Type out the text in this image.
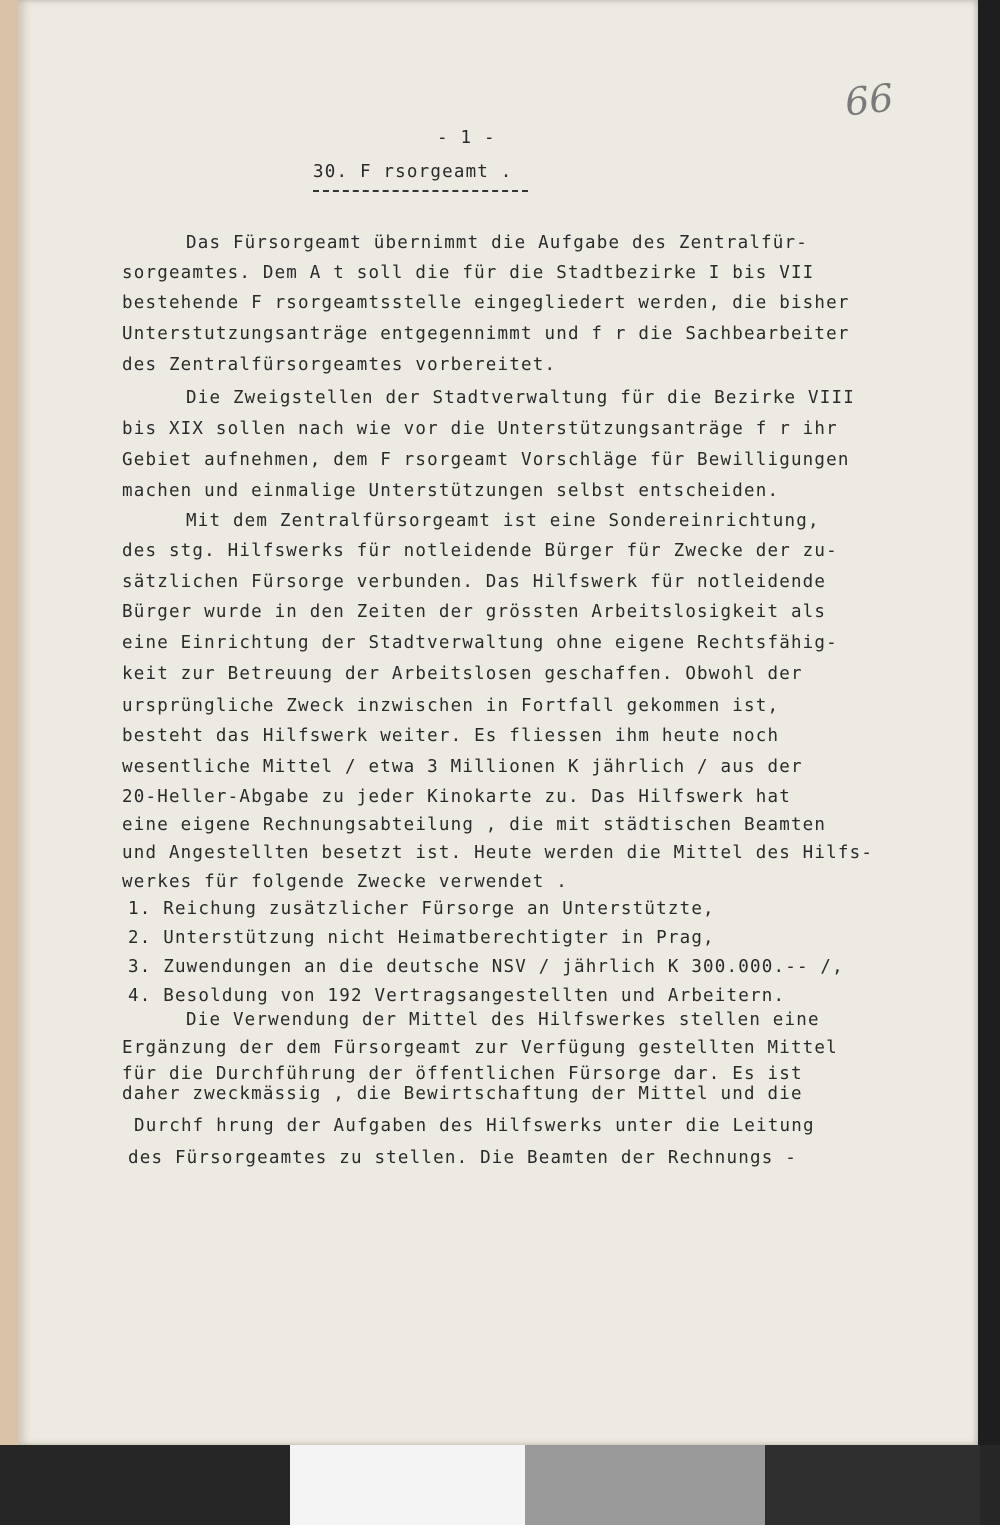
66
- 1 -
30. F rsorgeamt .
Das Fürsorgeamt übernimmt die Aufgabe des Zentralfür-
sorgeamtes. Dem A t soll die für die Stadtbezirke I bis VII
bestehende F rsorgeamtsstelle eingegliedert werden, die bisher
Unterstutzungsanträge entgegennimmt und f r die Sachbearbeiter
des Zentralfürsorgeamtes vorbereitet.
Die Zweigstellen der Stadtverwaltung für die Bezirke VIII
bis XIX sollen nach wie vor die Unterstützungsanträge f r ihr
Gebiet aufnehmen, dem F rsorgeamt Vorschläge für Bewilligungen
machen und einmalige Unterstützungen selbst entscheiden.
Mit dem Zentralfürsorgeamt ist eine Sondereinrichtung,
des stg. Hilfswerks für notleidende Bürger für Zwecke der zu-
sätzlichen Fürsorge verbunden. Das Hilfswerk für notleidende
Bürger wurde in den Zeiten der grössten Arbeitslosigkeit als
eine Einrichtung der Stadtverwaltung ohne eigene Rechtsfähig-
keit zur Betreuung der Arbeitslosen geschaffen. Obwohl der
ursprüngliche Zweck inzwischen in Fortfall gekommen ist,
besteht das Hilfswerk weiter. Es fliessen ihm heute noch
wesentliche Mittel / etwa 3 Millionen K jährlich / aus der
20-Heller-Abgabe zu jeder Kinokarte zu. Das Hilfswerk hat
eine eigene Rechnungsabteilung , die mit städtischen Beamten
und Angestellten besetzt ist. Heute werden die Mittel des Hilfs-
werkes für folgende Zwecke verwendet .
1. Reichung zusätzlicher Fürsorge an Unterstützte,
2. Unterstützung nicht Heimatberechtigter in Prag,
3. Zuwendungen an die deutsche NSV / jährlich K 300.000.-- /,
4. Besoldung von 192 Vertragsangestellten und Arbeitern.
Die Verwendung der Mittel des Hilfswerkes stellen eine
Ergänzung der dem Fürsorgeamt zur Verfügung gestellten Mittel
für die Durchführung der öffentlichen Fürsorge dar. Es ist
daher zweckmässig , die Bewirtschaftung der Mittel und die
Durchf hrung der Aufgaben des Hilfswerks unter die Leitung
des Fürsorgeamtes zu stellen. Die Beamten der Rechnungs -
